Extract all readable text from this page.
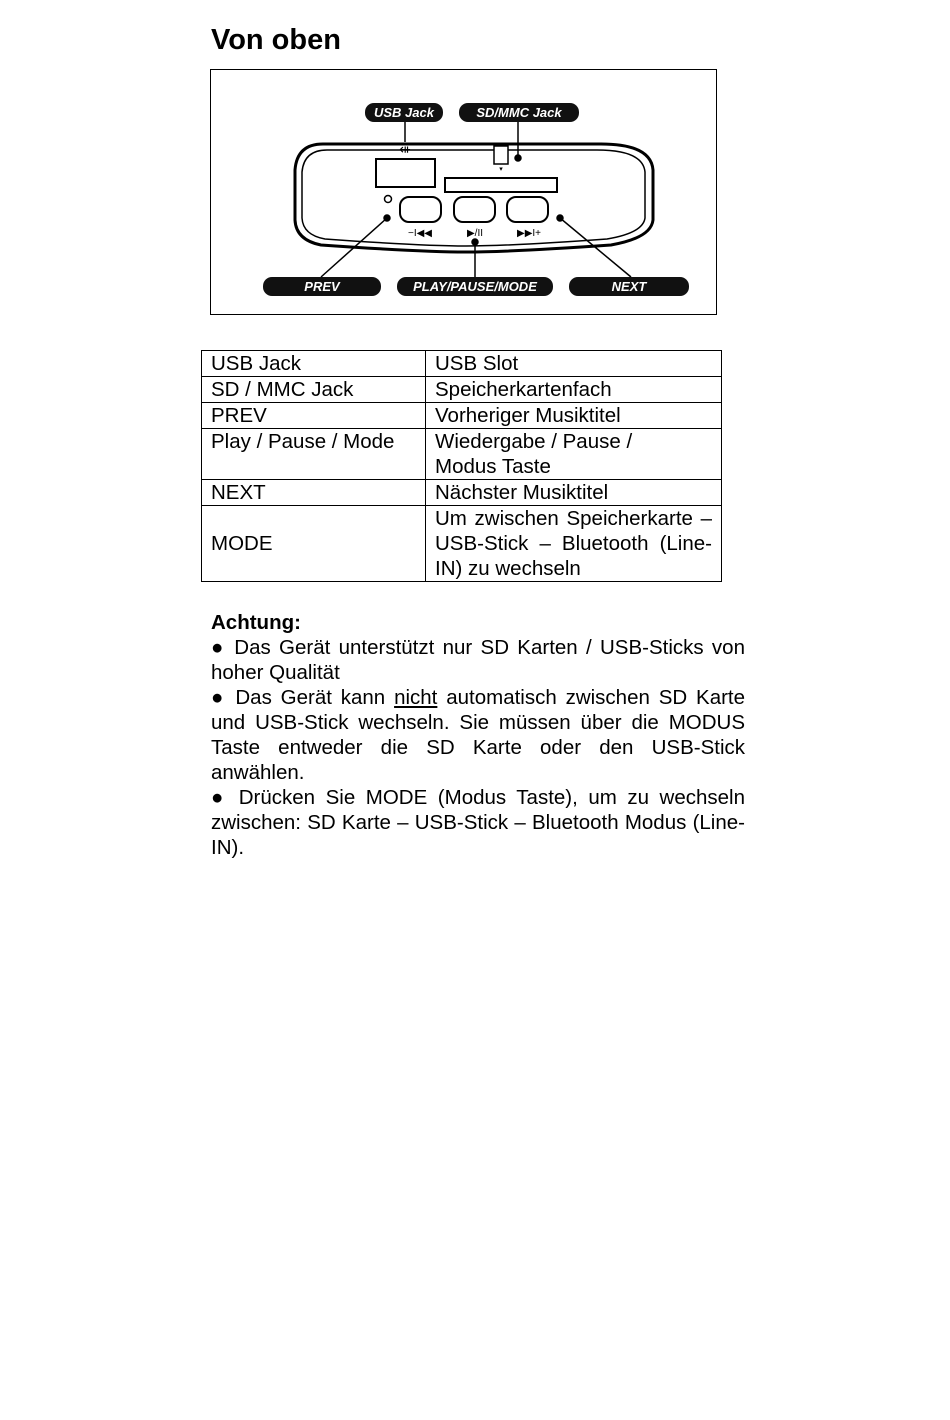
Von oben
⇺
▾
−I◀◀	▶/II	▶▶I+
USB Jack	SD/MMC Jack
PREV	PLAY/PAUSE/MODE	NEXT
USB Jack	USB Slot
SD / MMC Jack	Speicherkartenfach
PREV	Vorheriger Musiktitel
Play / Pause / Mode	Wiedergabe / Pause / Modus Taste
NEXT	Nächster Musiktitel
MODE	Um zwischen Speicherkarte – USB-Stick – Bluetooth (Line-IN) zu wechseln
Achtung:

● Das Gerät unterstützt nur SD Karten / USB-Sticks von hoher Qualität

● Das Gerät kann nicht automatisch zwischen SD Karte und USB-Stick wechseln. Sie müssen über die MODUS Taste entweder die SD Karte oder den USB-Stick anwählen.

● Drücken Sie MODE (Modus Taste), um zu wechseln zwischen: SD Karte – USB-Stick – Bluetooth Modus (Line-IN).
